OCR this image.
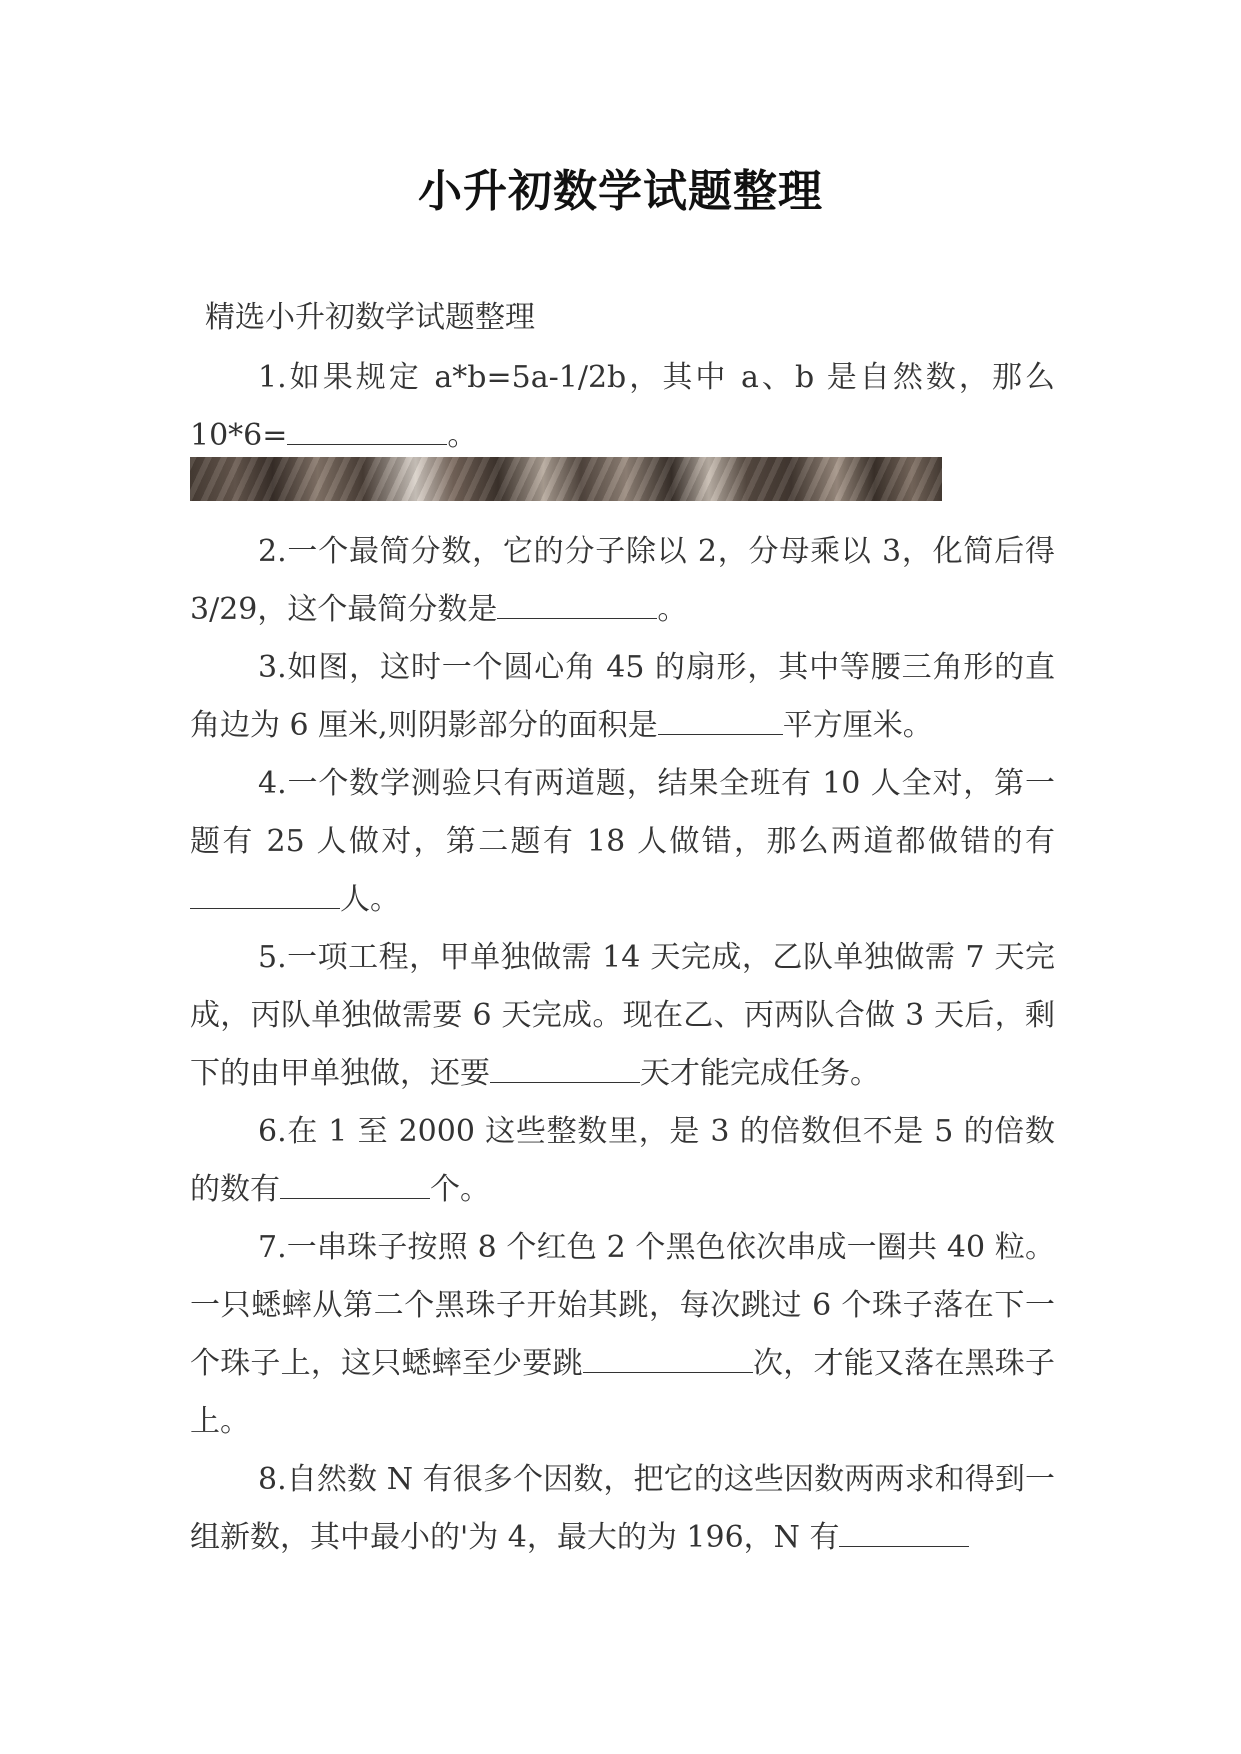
小升初数学试题整理
精选小升初数学试题整理

1.如果规定 a*b=5a-1/2b，其中 a、b 是自然数，那么10*6=	。

2.一个最简分数，它的分子除以 2，分母乘以 3，化简后得 3/29，这个最简分数是	。

3.如图，这时一个圆心角 45 的扇形，其中等腰三角形的直角边为 6 厘米,则阴影部分的面积是	平方厘米。

4.一个数学测验只有两道题，结果全班有 10 人全对，第一题有 25 人做对，第二题有 18 人做错，那么两道都做错的有人。

5.一项工程，甲单独做需 14 天完成，乙队单独做需 7 天完成，丙队单独做需要 6 天完成。现在乙、丙两队合做 3 天后，剩下的由甲单独做，还要	天才能完成任务。

6.在 1 至 2000 这些整数里，是 3 的倍数但不是 5 的倍数的数有	个。

7.一串珠子按照 8 个红色 2 个黑色依次串成一圈共 40 粒。一只蟋蟀从第二个黑珠子开始其跳，每次跳过 6 个珠子落在下一个珠子上，这只蟋蟀至少要跳	次，才能又落在黑珠子上。

8.自然数 N 有很多个因数，把它的这些因数两两求和得到一组新数，其中最小的'为 4，最大的为 196，N 有
